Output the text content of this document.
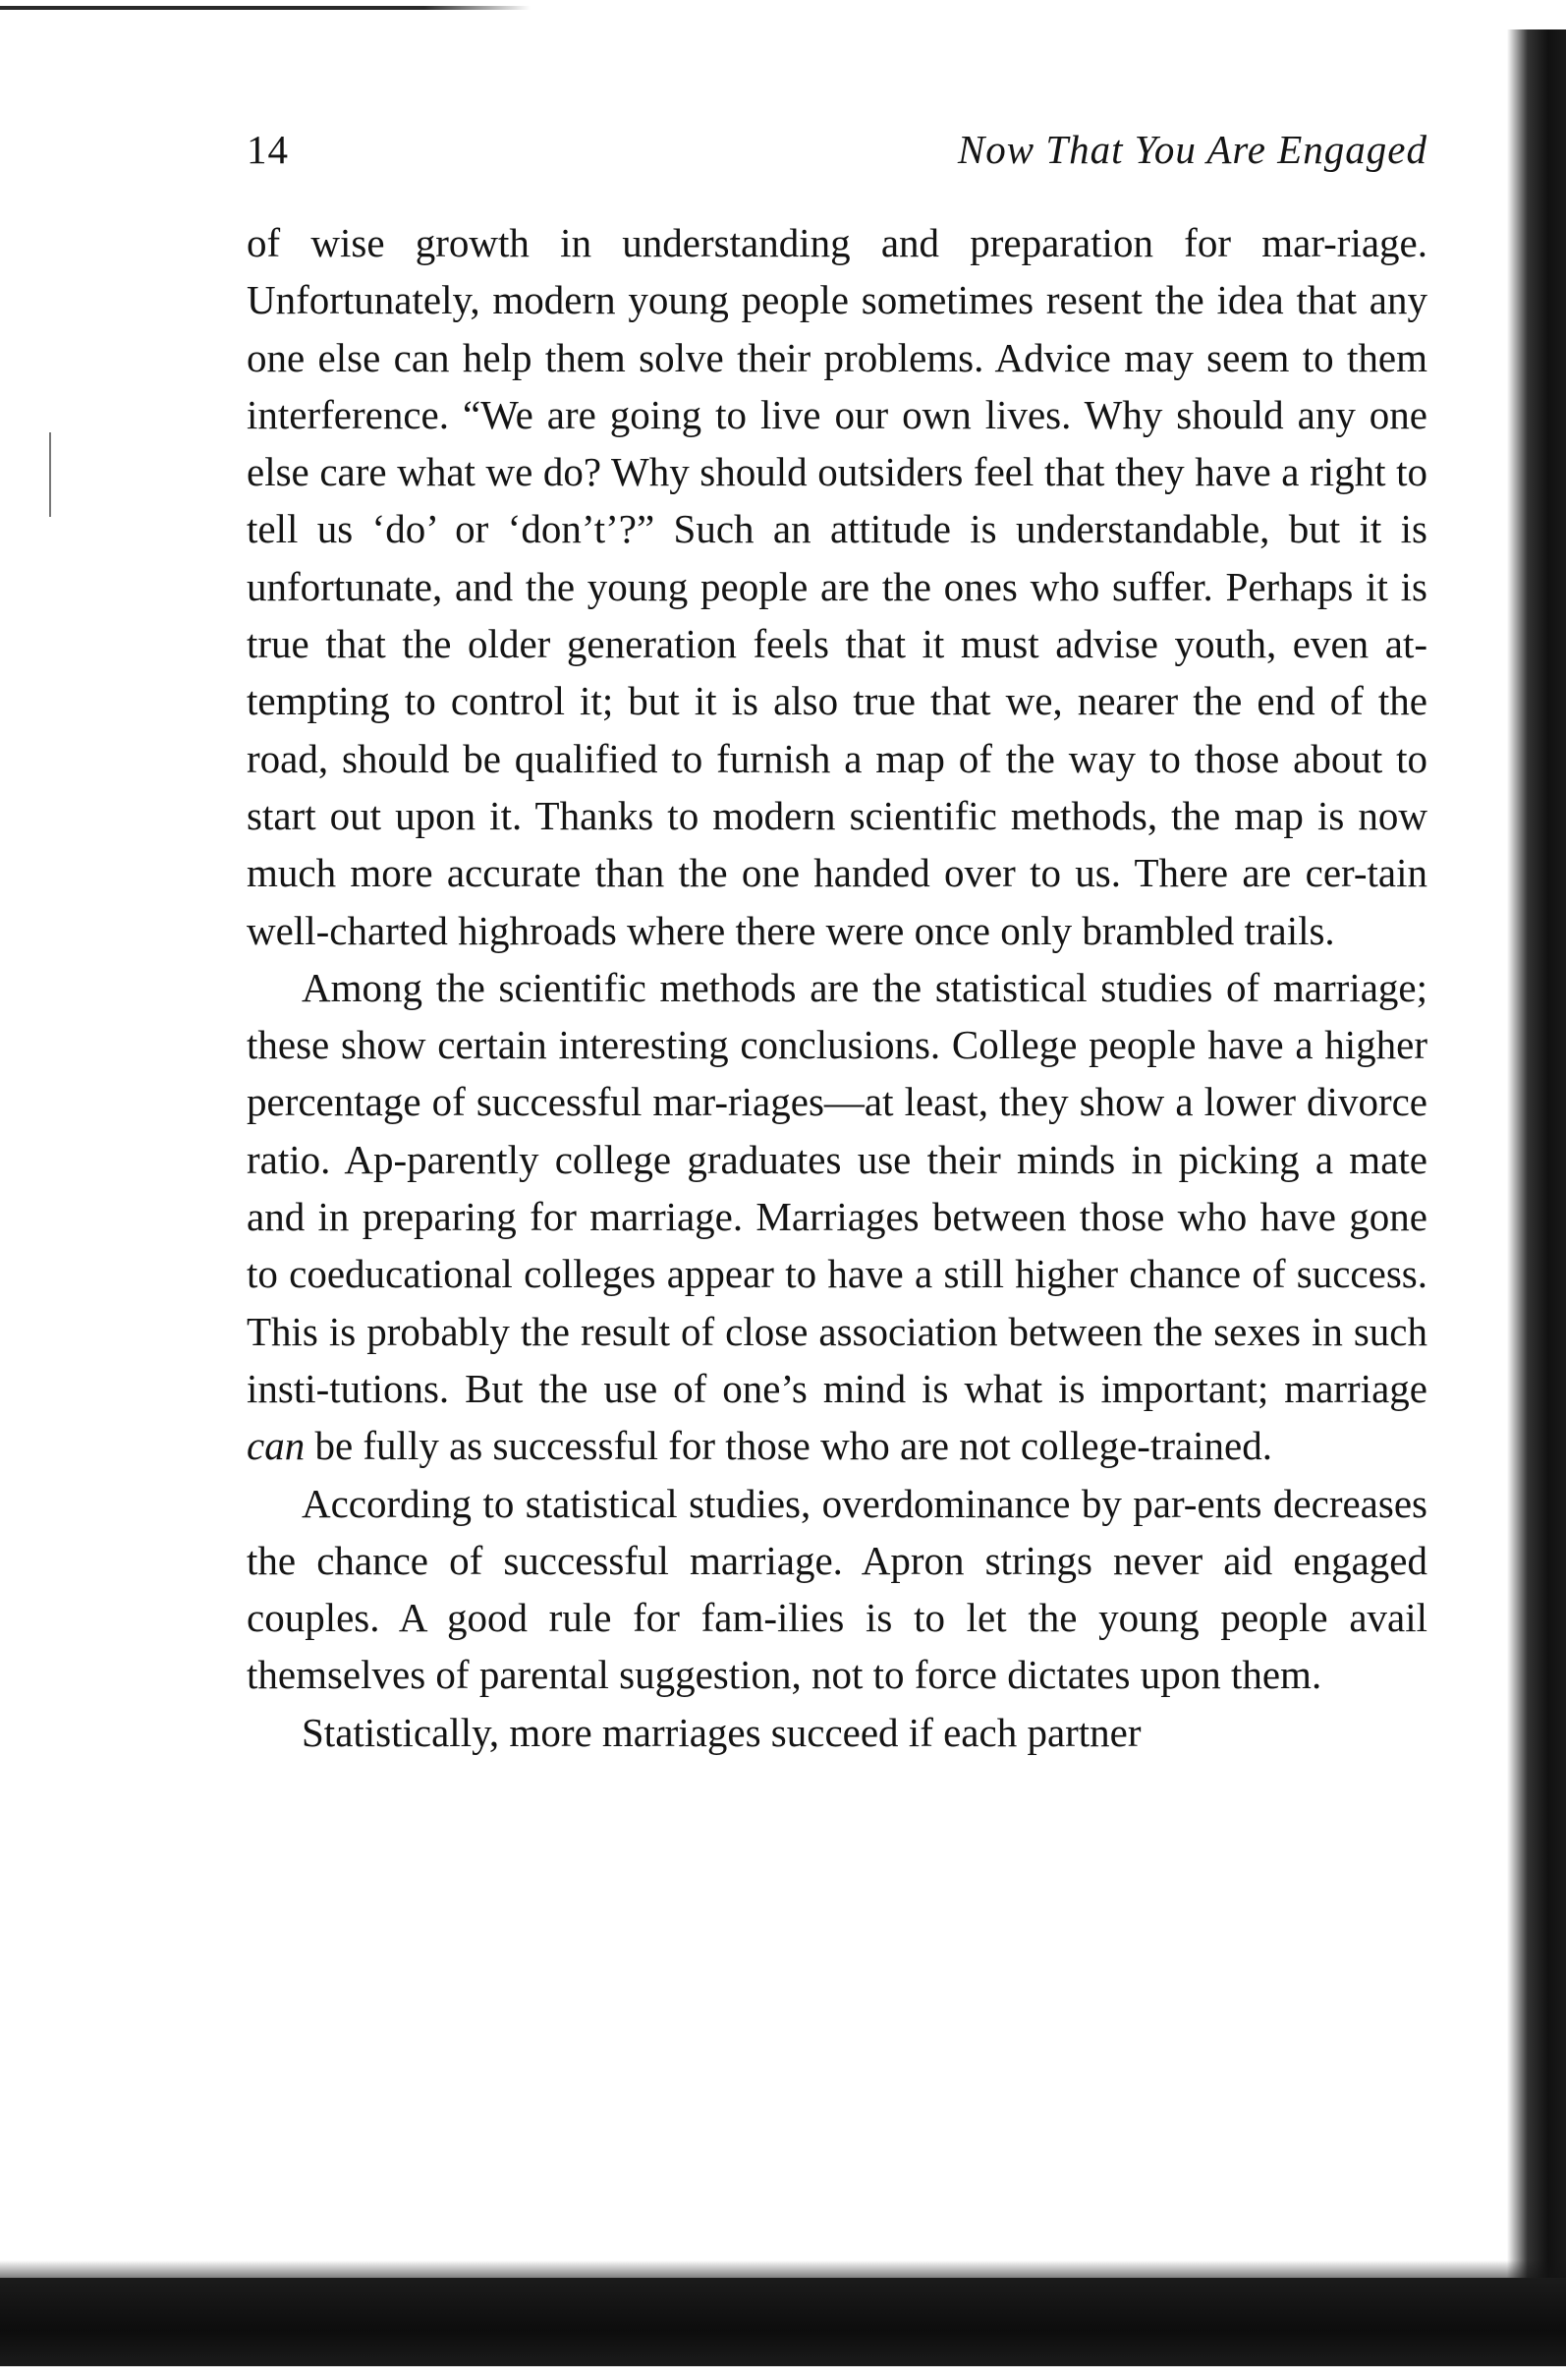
14	Now That You Are Engaged

of wise growth in understanding and preparation for mar-riage. Unfortunately, modern young people sometimes resent the idea that any one else can help them solve their problems. Advice may seem to them interference. “We are going to live our own lives. Why should any one else care what we do? Why should outsiders feel that they have a right to tell us ‘do’ or ‘don’t’?” Such an attitude is understandable, but it is unfortunate, and the young people are the ones who suffer. Perhaps it is true that the older generation feels that it must advise youth, even at-tempting to control it; but it is also true that we, nearer the end of the road, should be qualified to furnish a map of the way to those about to start out upon it. Thanks to modern scientific methods, the map is now much more accurate than the one handed over to us. There are cer-tain well-charted highroads where there were once only brambled trails.

Among the scientific methods are the statistical studies of marriage; these show certain interesting conclusions. College people have a higher percentage of successful mar-riages—at least, they show a lower divorce ratio. Ap-parently college graduates use their minds in picking a mate and in preparing for marriage. Marriages between those who have gone to coeducational colleges appear to have a still higher chance of success. This is probably the result of close association between the sexes in such insti-tutions. But the use of one’s mind is what is important; marriage can be fully as successful for those who are not college-trained.

According to statistical studies, overdominance by par-ents decreases the chance of successful marriage. Apron strings never aid engaged couples. A good rule for fam-ilies is to let the young people avail themselves of parental suggestion, not to force dictates upon them.

Statistically, more marriages succeed if each partner
